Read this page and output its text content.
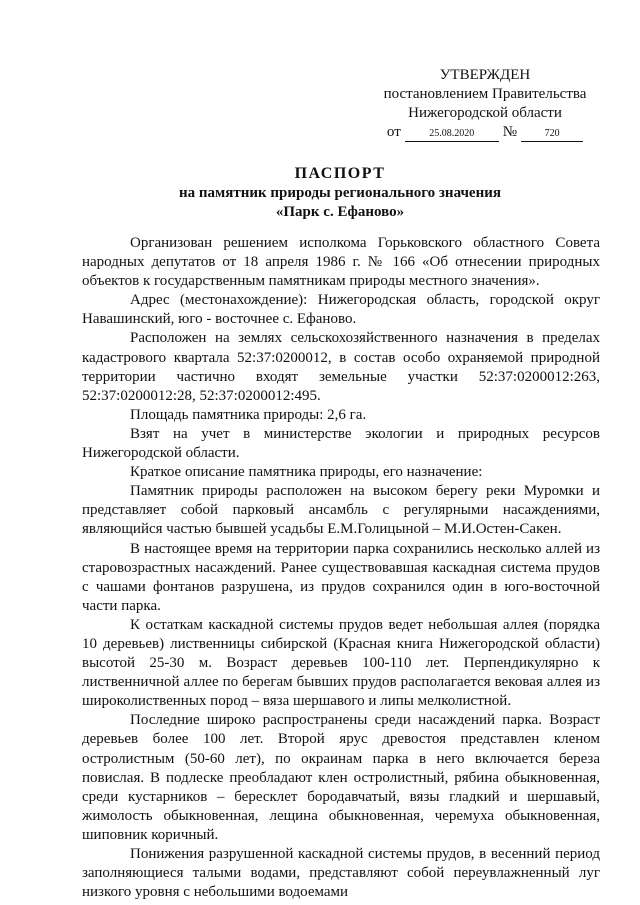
УТВЕРЖДЕН
постановлением Правительства
Нижегородской области
от	25.08.2020	№	720
ПАСПОРТ
на памятник природы регионального значения
«Парк с. Ефаново»

Организован решением исполкома Горьковского областного Совета народных депутатов от 18 апреля 1986 г. № 166 «Об отнесении природных объектов к государственным памятникам природы местного значения».

Адрес (местонахождение): Нижегородская область, городской округ Навашинский, юго - восточнее с. Ефаново.

Расположен на землях сельскохозяйственного назначения в пределах кадастрового квартала 52:37:0200012, в состав особо охраняемой природной территории частично входят земельные участки 52:37:0200012:263, 52:37:0200012:28, 52:37:0200012:495.

Площадь памятника природы: 2,6 га.

Взят на учет в министерстве экологии и природных ресурсов Нижегородской области.

Краткое описание памятника природы, его назначение:

Памятник природы расположен на высоком берегу реки Муромки и представляет собой парковый ансамбль с регулярными насаждениями, являющийся частью бывшей усадьбы Е.М.Голицыной – М.И.Остен-Сакен.

В настоящее время на территории парка сохранились несколько аллей из старовозрастных насаждений. Ранее существовавшая каскадная система прудов с чашами фонтанов разрушена, из прудов сохранился один в юго-восточной части парка.

К остаткам каскадной системы прудов ведет небольшая аллея (порядка 10 деревьев) лиственницы сибирской (Красная книга Нижегородской области) высотой 25-30 м. Возраст деревьев 100-110 лет. Перпендикулярно к лиственничной аллее по берегам бывших прудов располагается вековая аллея из широколиственных пород – вяза шершавого и липы мелколистной.

Последние широко распространены среди насаждений парка. Возраст деревьев более 100 лет. Второй ярус древостоя представлен кленом остролистным (50-60 лет), по окраинам парка в него включается береза повислая. В подлеске преобладают клен остролистный, рябина обыкновенная, среди кустарников – бересклет бородавчатый, вязы гладкий и шершавый, жимолость обыкновенная, лещина обыкновенная, черемуха обыкновенная, шиповник коричный.

Понижения разрушенной каскадной системы прудов, в весенний период заполняющиеся талыми водами, представляют собой переувлажненный луг низкого уровня с небольшими водоемами
